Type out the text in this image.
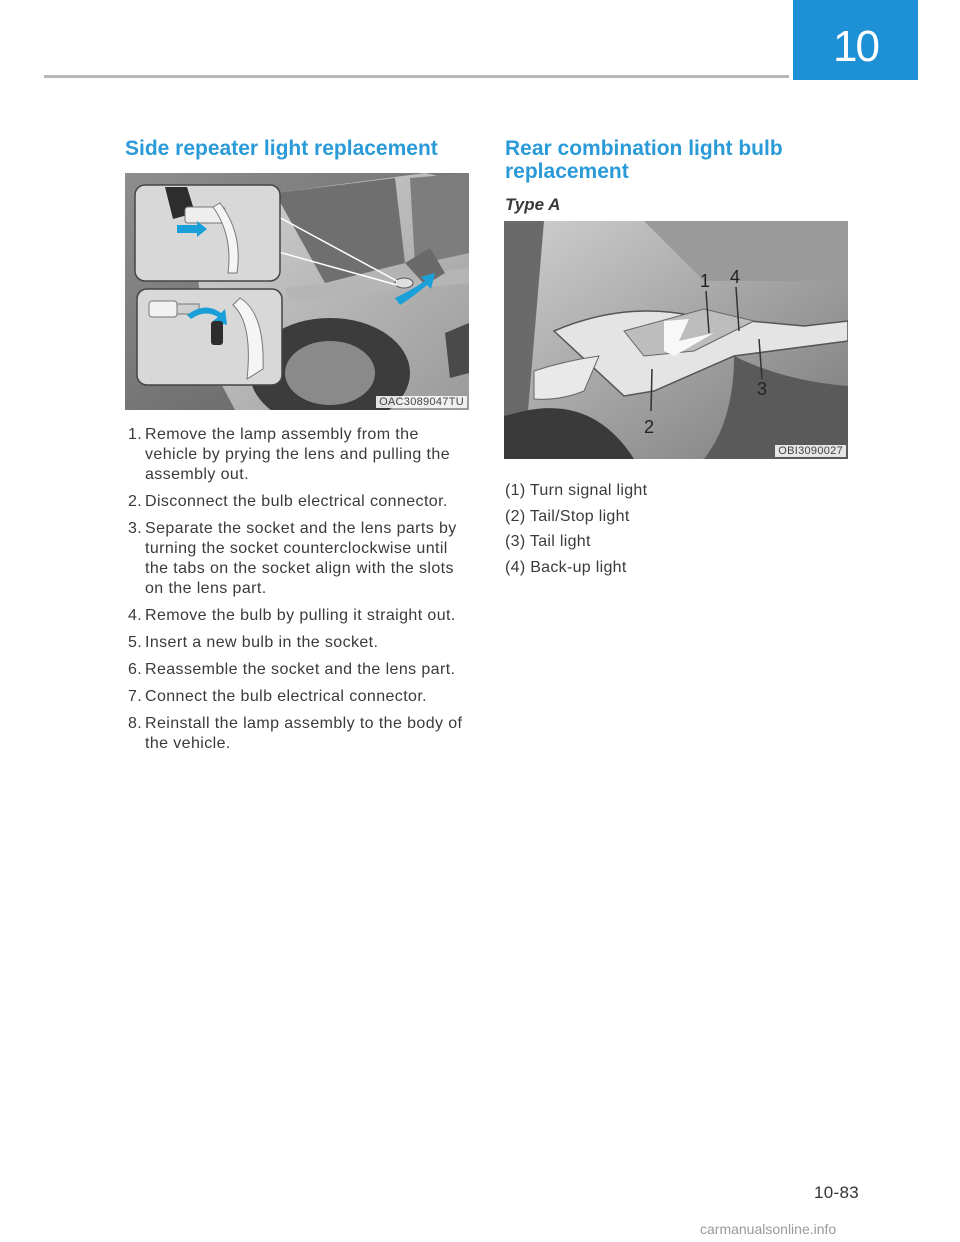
10
Side repeater light replacement
OAC3089047TU
1. Remove the lamp assembly from the vehicle by prying the lens and pulling the assembly out.
2. Disconnect the bulb electrical connector.
3. Separate the socket and the lens parts by turning the socket counterclockwise until the tabs on the socket align with the slots on the lens part.
4. Remove the bulb by pulling it straight out.
5. Insert a new bulb in the socket.
6. Reassemble the socket and the lens part.
7. Connect the bulb electrical connector.
8. Reinstall the lamp assembly to the body of the vehicle.
Rear combination light bulb
replacement
Type A
1 4
3
2
OBI3090027
(1) Turn signal light
(2) Tail/Stop light
(3) Tail light
(4) Back-up light
10-83
carmanualsonline.info
